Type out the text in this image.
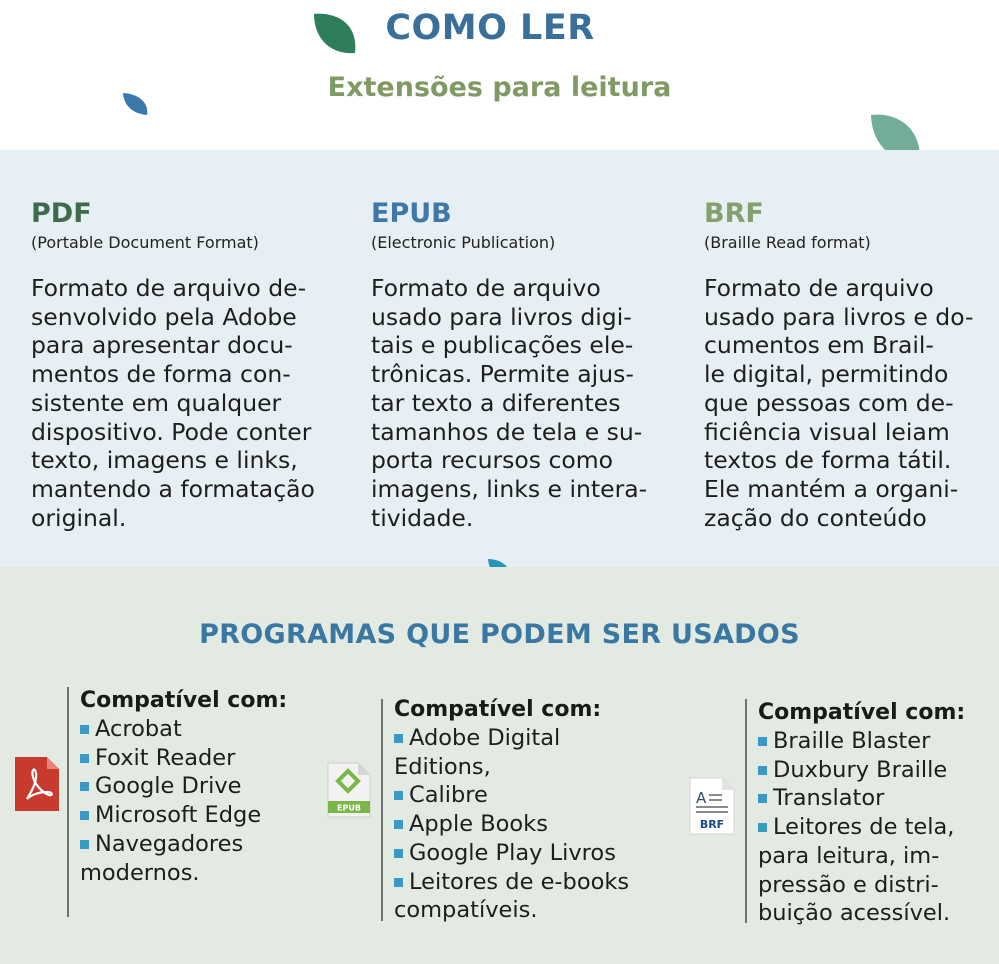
COMO LER
Extensões para leitura
PDF
(Portable Document Format)
Formato de arquivo de-
senvolvido pela Adobe
para apresentar docu-
mentos de forma con-
sistente em qualquer
dispositivo. Pode conter
texto, imagens e links,
mantendo a formatação
original.
EPUB
(Electronic Publication)
Formato de arquivo
usado para livros digi-
tais e publicações ele-
trônicas. Permite ajus-
tar texto a diferentes
tamanhos de tela e su-
porta recursos como
imagens, links e intera-
tividade.
BRF
(Braille Read format)
Formato de arquivo
usado para livros e do-
cumentos em Brail-
le digital, permitindo
que pessoas com de-
ficiência visual leiam
textos de forma tátil.
Ele mantém a organi-
zação do conteúdo
PROGRAMAS QUE PODEM SER USADOS
Compatível com:
Acrobat
Foxit Reader
Google Drive
Microsoft Edge
Navegadores
modernos.
EPUB
Compatível com:
Adobe Digital
Editions,
Calibre
Apple Books
Google Play Livros
Leitores de e-books
compatíveis.
A
BRF
Compatível com:
Braille Blaster
Duxbury Braille
Translator
Leitores de tela,
para leitura, im-
pressão e distri-
buição acessível.
